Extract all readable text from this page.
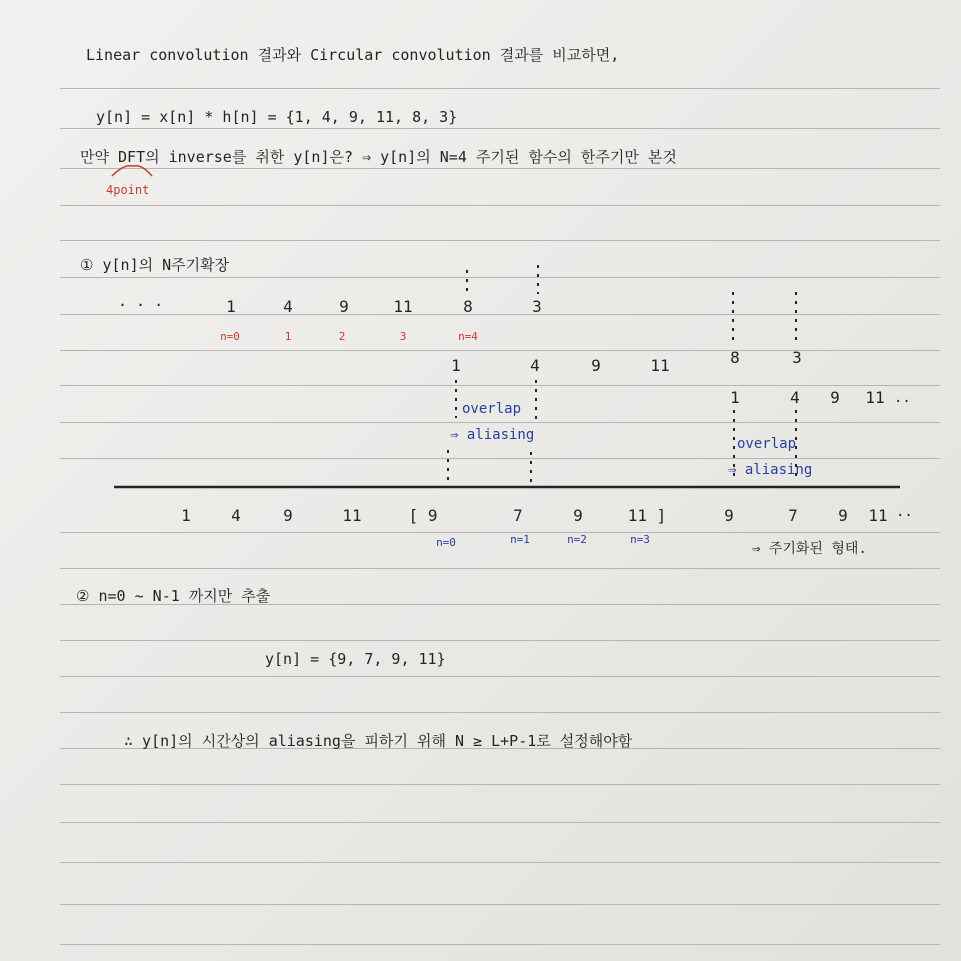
Linear convolution 결과와 Circular convolution 결과를 비교하면,
y[n] = x[n] * h[n] = {1, 4, 9, 11, 8, 3}
만약 DFT의 inverse를 취한 y[n]은? ⇒ y[n]의 N=4 주기된 함수의 한주기만 본것
4point
① y[n]의 N주기확장
· · ·	1	4	9	11	8	3
n=0	1	2	3	n=4
1	4	9	11	8	3
1	4 9 11 ..
overlap
⇒ aliasing
overlap
⇒ aliasing
1	4	9	11	[ 9	7	9	11 ]	9	7	9 11 ..
n=0	n=1	n=2	n=3
⇒ 주기화된 형태.
② n=0 ~ N-1 까지만 추출
y[n] = {9, 7, 9, 11}
∴ y[n]의 시간상의 aliasing을 피하기 위해 N ≥ L+P-1로 설정해야함
